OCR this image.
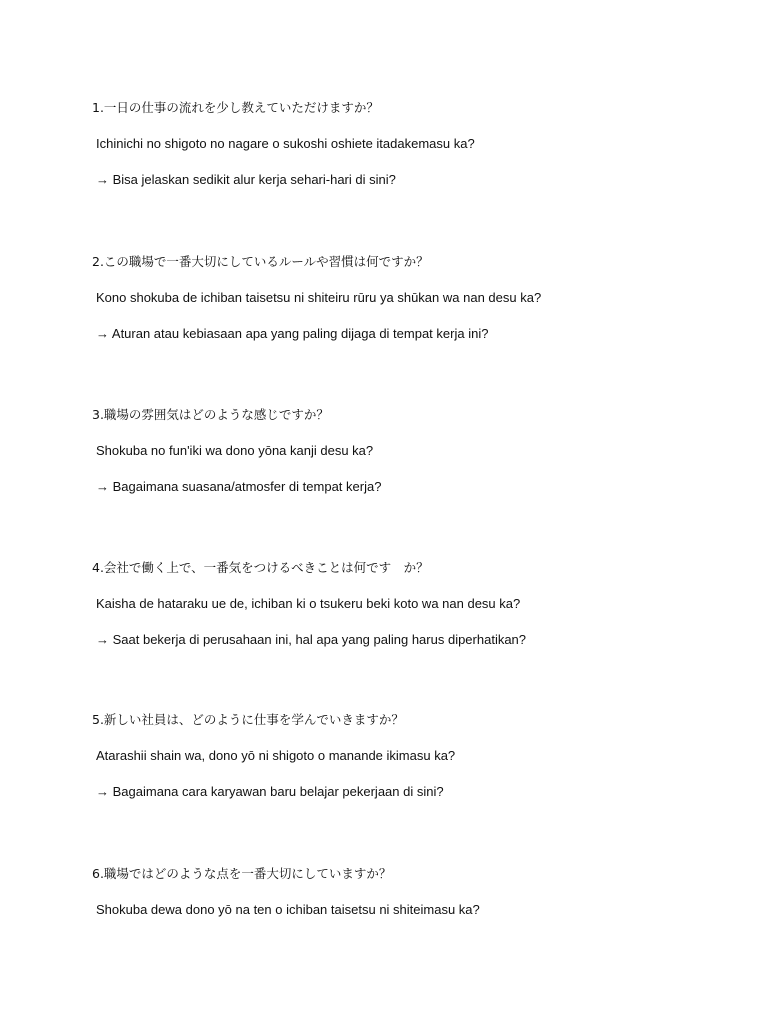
1.一日の仕事の流れを少し教えていただけますか？
Ichinichi no shigoto no nagare o sukoshi oshiete itadakemasu ka?
→ Bisa jelaskan sedikit alur kerja sehari-hari di sini?
2.この職場で一番大切にしているルールや習慣は何ですか？
Kono shokuba de ichiban taisetsu ni shiteiru rūru ya shūkan wa nan desu ka?
→ Aturan atau kebiasaan apa yang paling dijaga di tempat kerja ini?
3.職場の雰囲気はどのような感じですか？
Shokuba no fun'iki wa dono yōna kanji desu ka?
→ Bagaimana suasana/atmosfer di tempat kerja?
4.会社で働く上で、一番気をつけるべきことは何です　か？
Kaisha de hataraku ue de, ichiban ki o tsukeru beki koto wa nan desu ka?
→ Saat bekerja di perusahaan ini, hal apa yang paling harus diperhatikan?
5.新しい社員は、どのように仕事を学んでいきますか？
Atarashii shain wa, dono yō ni shigoto o manande ikimasu ka?
→ Bagaimana cara karyawan baru belajar pekerjaan di sini?
6.職場ではどのような点を一番大切にしていますか？
Shokuba dewa dono yō na ten o ichiban taisetsu ni shiteimasu ka?
